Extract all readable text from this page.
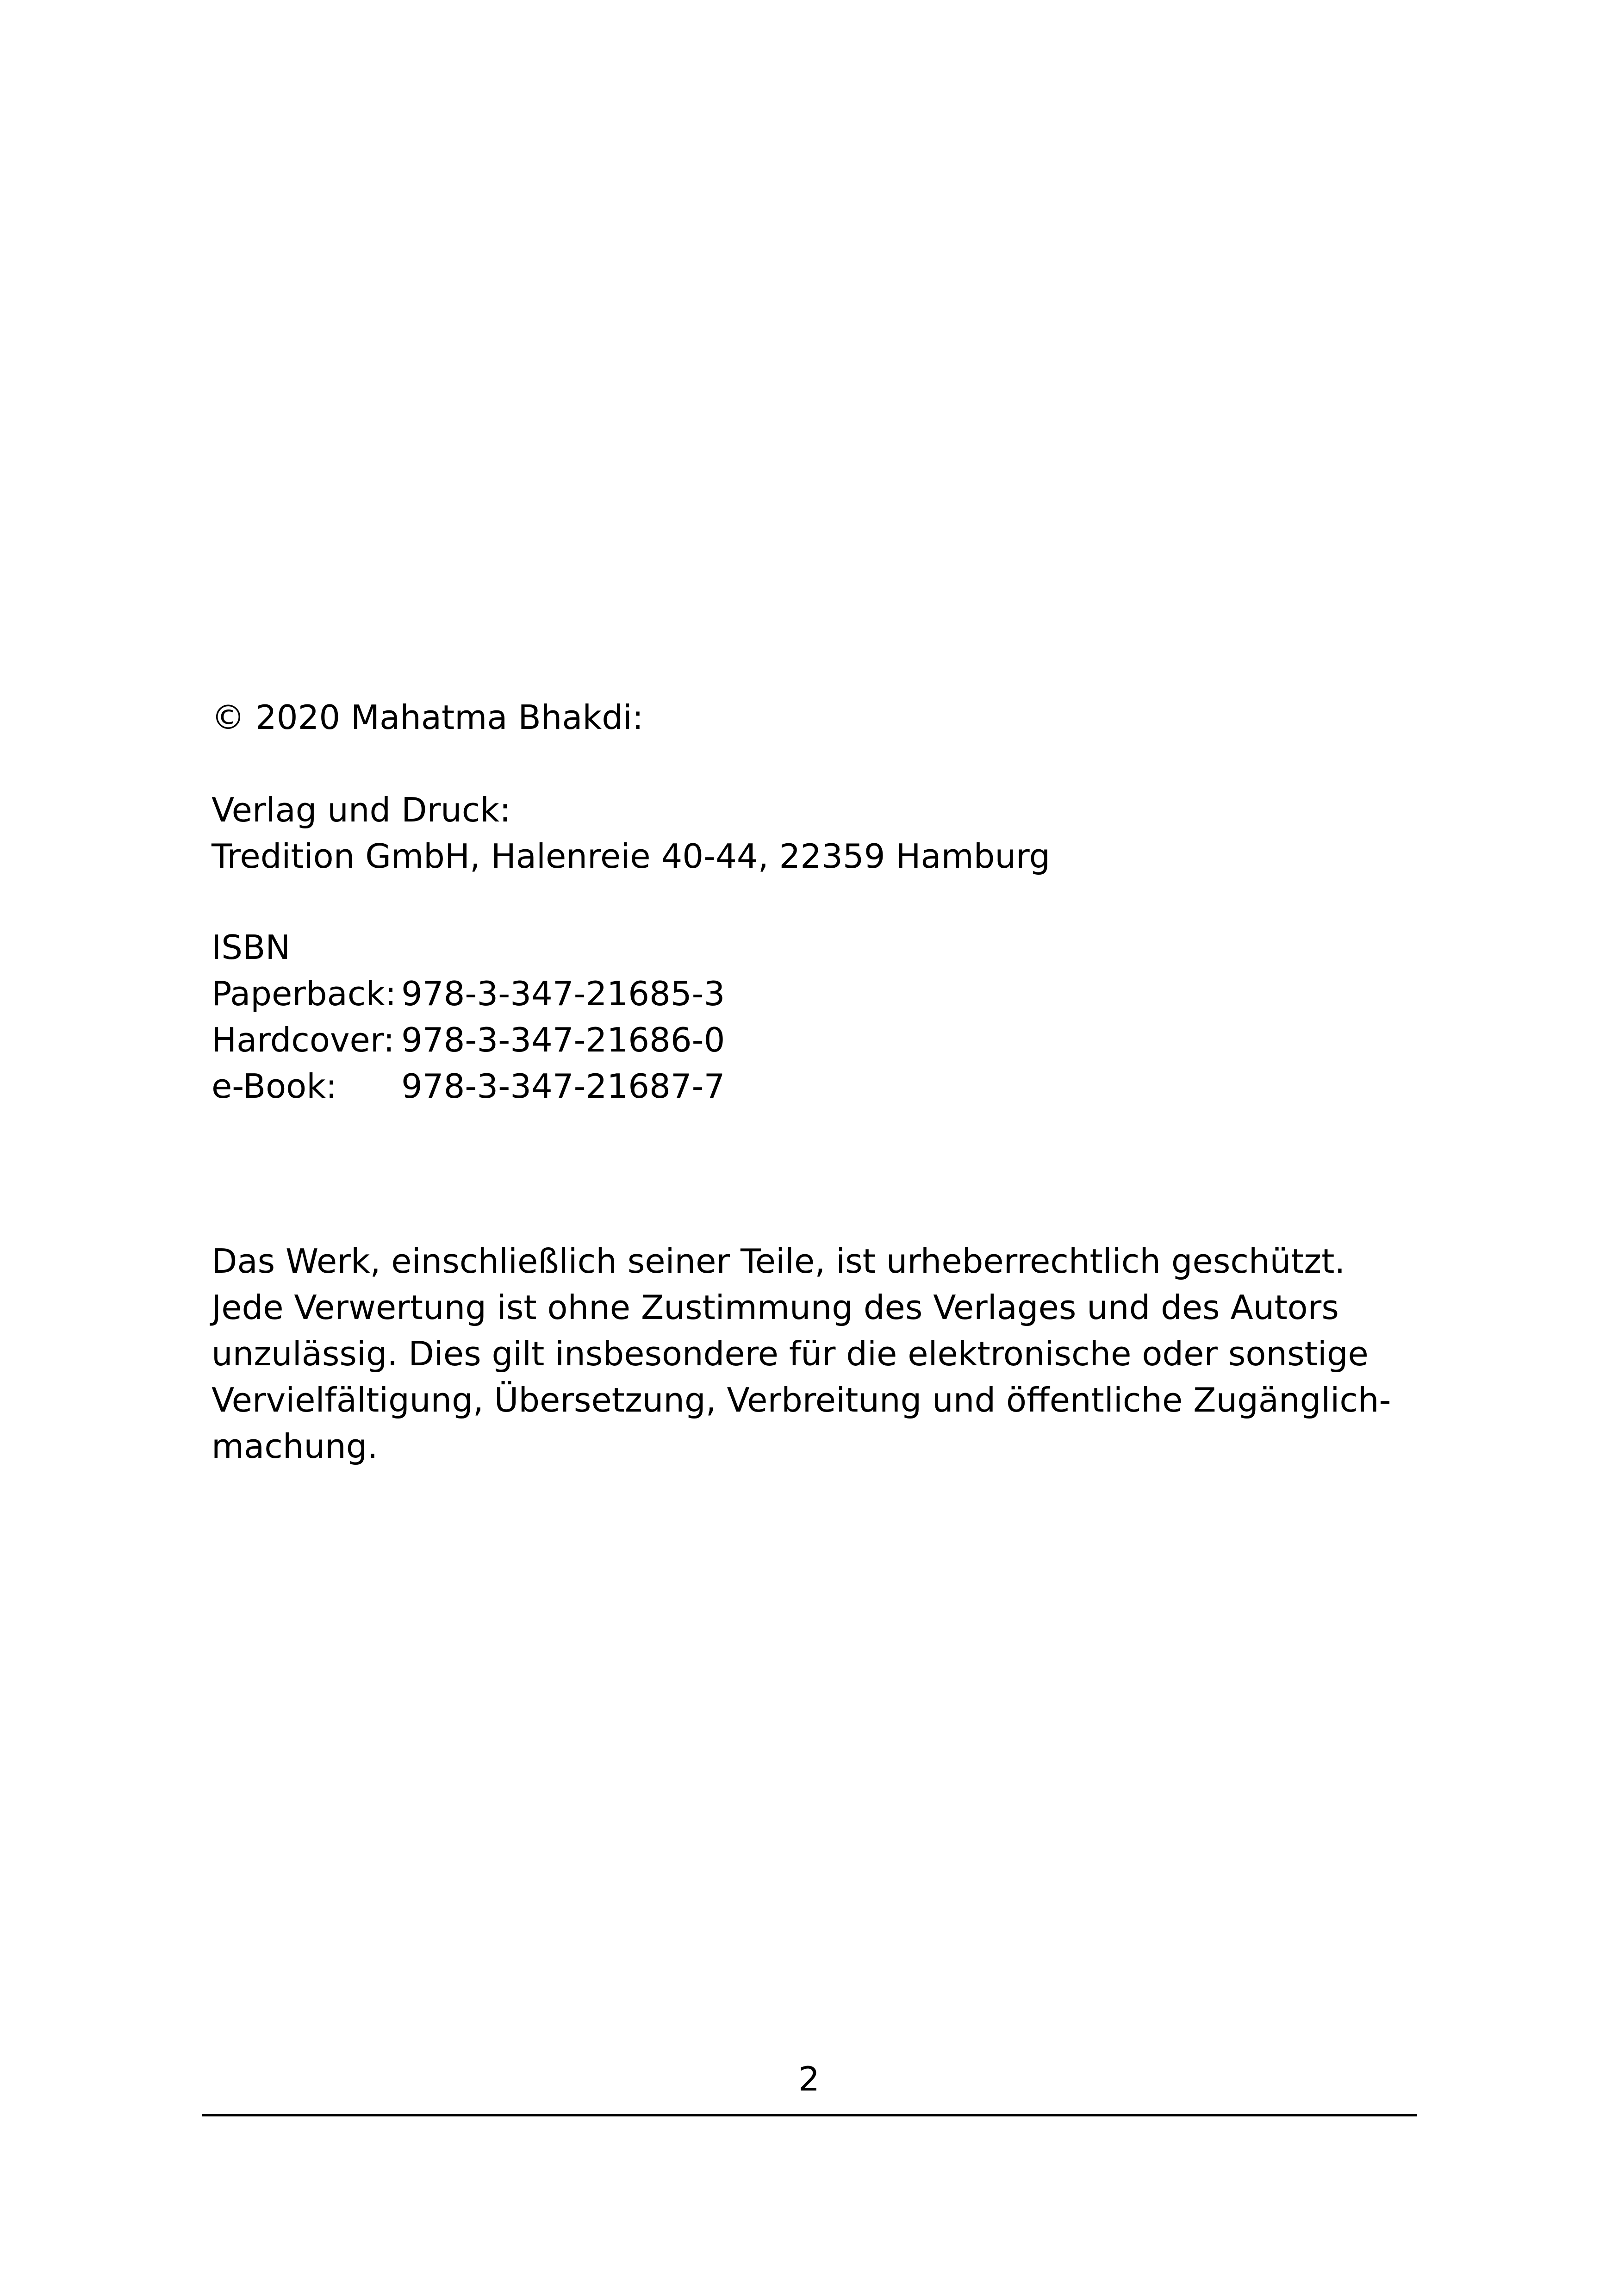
© 2020 Mahatma Bhakdi:
Verlag und Druck:
Tredition GmbH, Halenreie 40-44, 22359 Hamburg
ISBN
Paperback: 978-3-347-21685-3
Hardcover: 978-3-347-21686-0
e-Book: 978-3-347-21687-7
Das Werk, einschließlich seiner Teile, ist urheberrechtlich geschützt.
Jede Verwertung ist ohne Zustimmung des Verlages und des Autors
unzulässig. Dies gilt insbesondere für die elektronische oder sonstige
Vervielfältigung, Übersetzung, Verbreitung und öffentliche Zugänglich-
machung.
2
